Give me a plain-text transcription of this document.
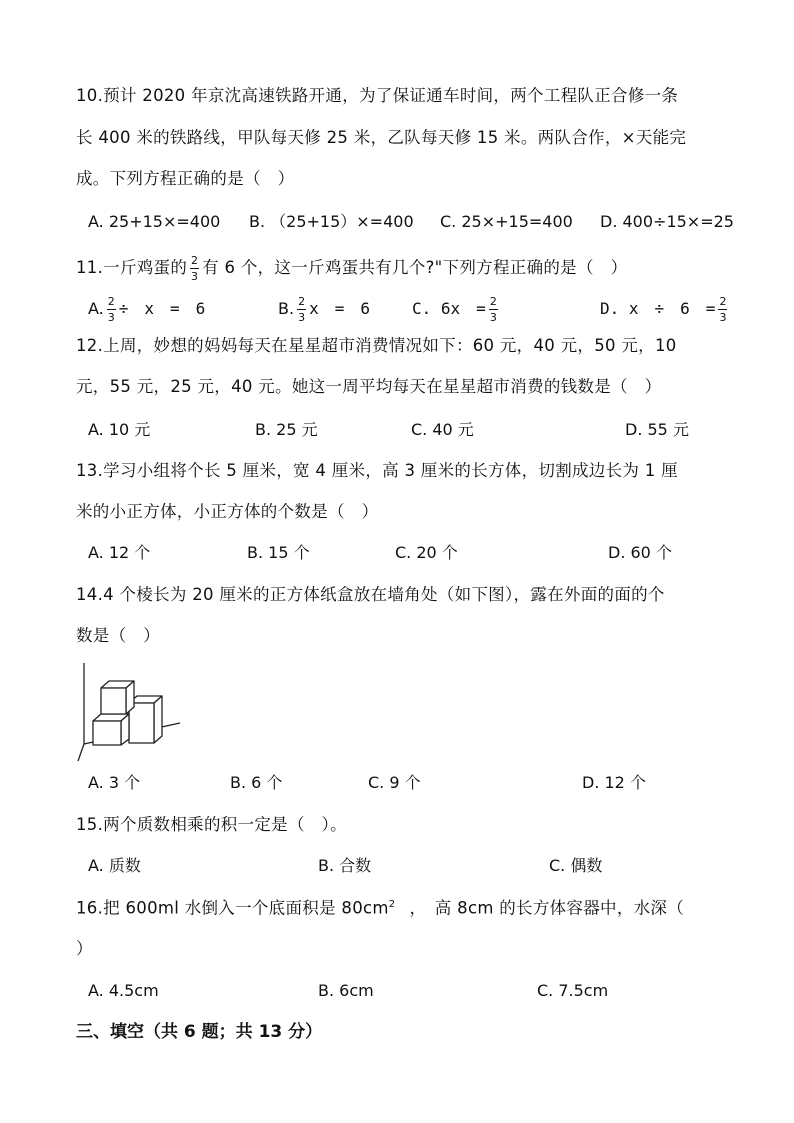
10.预计 2020 年京沈高速铁路开通，为了保证通车时间，两个工程队正合修一条
长 400 米的铁路线，甲队每天修 25 米，乙队每天修 15 米。两队合作，×天能完
成。下列方程正确的是（　）
A. 25+15×=400 B. （25+15）×=400 C. 25×+15=400 D. 400÷15×=25
11.一斤鸡蛋的 $\frac{2}{3}$ 有 6 个，这一斤鸡蛋共有几个?"下列方程正确的是（　）
A. $\frac{2}{3}$ ÷　x　=　6	B. $\frac{2}{3}$ x　=　6	C. 6x　= $\frac{2}{3}$	D. x　÷　6　= $\frac{2}{3}$
12.上周，妙想的妈妈每天在星星超市消费情况如下：60 元，40 元，50 元，10
元，55 元，25 元，40 元。她这一周平均每天在星星超市消费的钱数是（　）
A. 10 元	B. 25 元	C. 40 元	D. 55 元
13.学习小组将个长 5 厘米，宽 4 厘米，高 3 厘米的长方体，切割成边长为 1 厘
米的小正方体，小正方体的个数是（　）
A. 12 个	B. 15 个	C. 20 个	D. 60 个
14.4 个棱长为 20 厘米的正方体纸盒放在墙角处（如下图），露在外面的面的个
数是（　）
A. 3 个	B. 6 个	C. 9 个	D. 12 个
15.两个质数相乘的积一定是（　）。
A. 质数	B. 合数	C. 偶数
16.把 600ml 水倒入一个底面积是 $80cm^2$ ，　高 8cm 的长方体容器中，水深（
）
A. 4.5cm	B. 6cm	C. 7.5cm
三、填空（共 6 题；共 13 分）
